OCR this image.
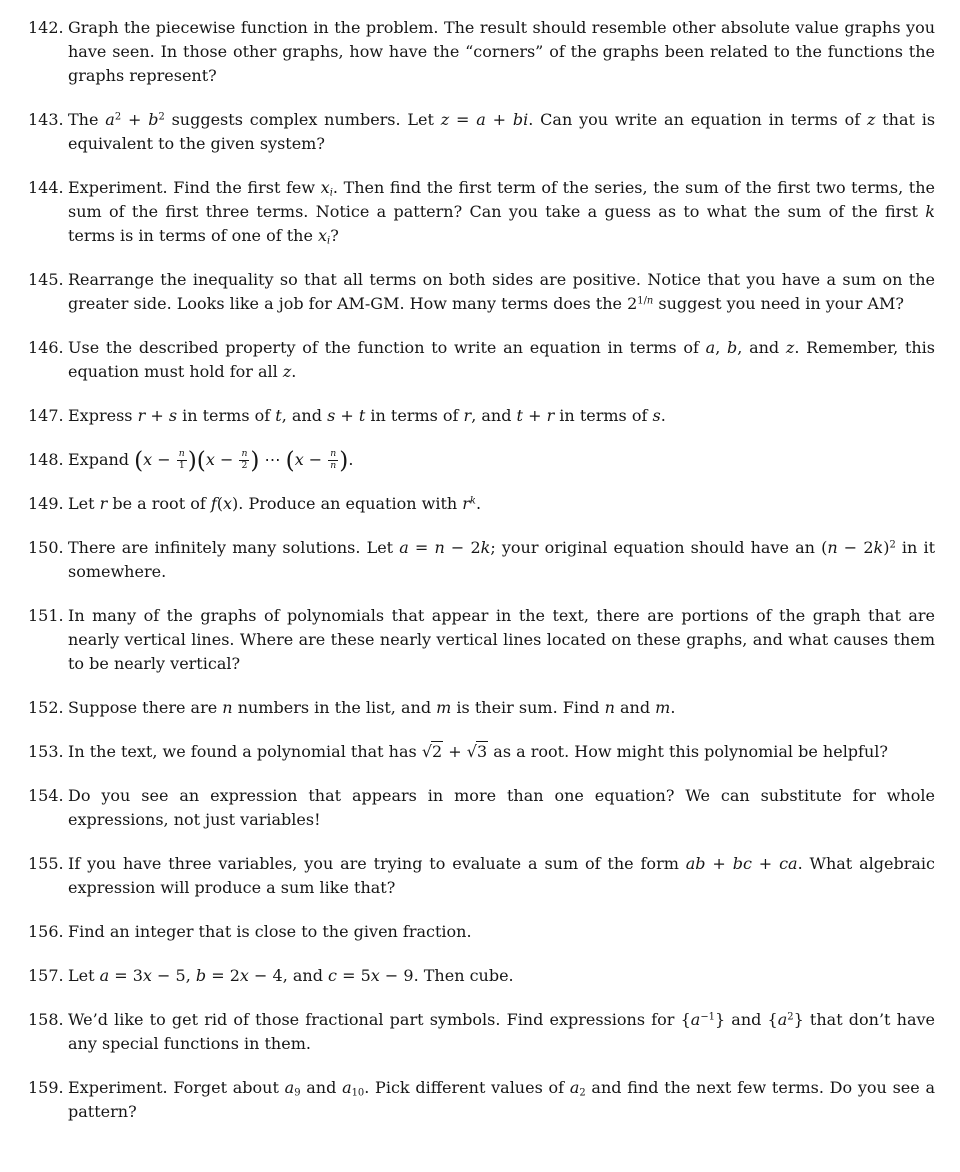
142. Graph the piecewise function in the problem. The result should resemble other absolute value graphs you have seen. In those other graphs, how have the “corners” of the graphs been related to the functions the graphs represent?
143. The $a^2 + b^2$ suggests complex numbers. Let z = a + bi. Can you write an equation in terms of z that is equivalent to the given system?
144. Experiment. Find the first few $x_i$. Then find the first term of the series, the sum of the first two terms, the sum of the first three terms. Notice a pattern? Can you take a guess as to what the sum of the first k terms is in terms of one of the $x_i$?
145. Rearrange the inequality so that all terms on both sides are positive. Notice that you have a sum on the greater side. Looks like a job for AM-GM. How many terms does the $2^{1/n}$ suggest you need in your AM?
146. Use the described property of the function to write an equation in terms of a, b, and z. Remember, this equation must hold for all z.
147. Express r + s in terms of t, and s + t in terms of r, and t + r in terms of s.
148. Expand $(x - \frac{n}{1} )(x - \frac{n}{2}$ ) ⋯ ($x - \frac{n}{n}$ ).
149. Let r be a root of f(x). Produce an equation with $r^k$.
150. There are infinitely many solutions. Let a = n − 2k; your original equation should have an $(n - 2k)^2$ in it somewhere.
151. In many of the graphs of polynomials that appear in the text, there are portions of the graph that are nearly vertical lines. Where are these nearly vertical lines located on these graphs, and what causes them to be nearly vertical?
152. Suppose there are n numbers in the list, and m is their sum. Find n and m.
153. In the text, we found a polynomial that has √2 + √3 as a root. How might this polynomial be helpful?
154. Do you see an expression that appears in more than one equation? We can substitute for whole expressions, not just variables!
155. If you have three variables, you are trying to evaluate a sum of the form ab + bc + ca. What algebraic expression will produce a sum like that?
156. Find an integer that is close to the given fraction.
157. Let a = 3x − 5, b = 2x − 4, and c = 5x − 9. Then cube.
158. We’d like to get rid of those fractional part symbols. Find expressions for $\{a^{-1}\}$ and $\{a^2\}$ that don’t have any special functions in them.
159. Experiment. Forget about $a_9$ and $a_{10}$. Pick different values of $a_2$ and find the next few terms. Do you see a pattern?
